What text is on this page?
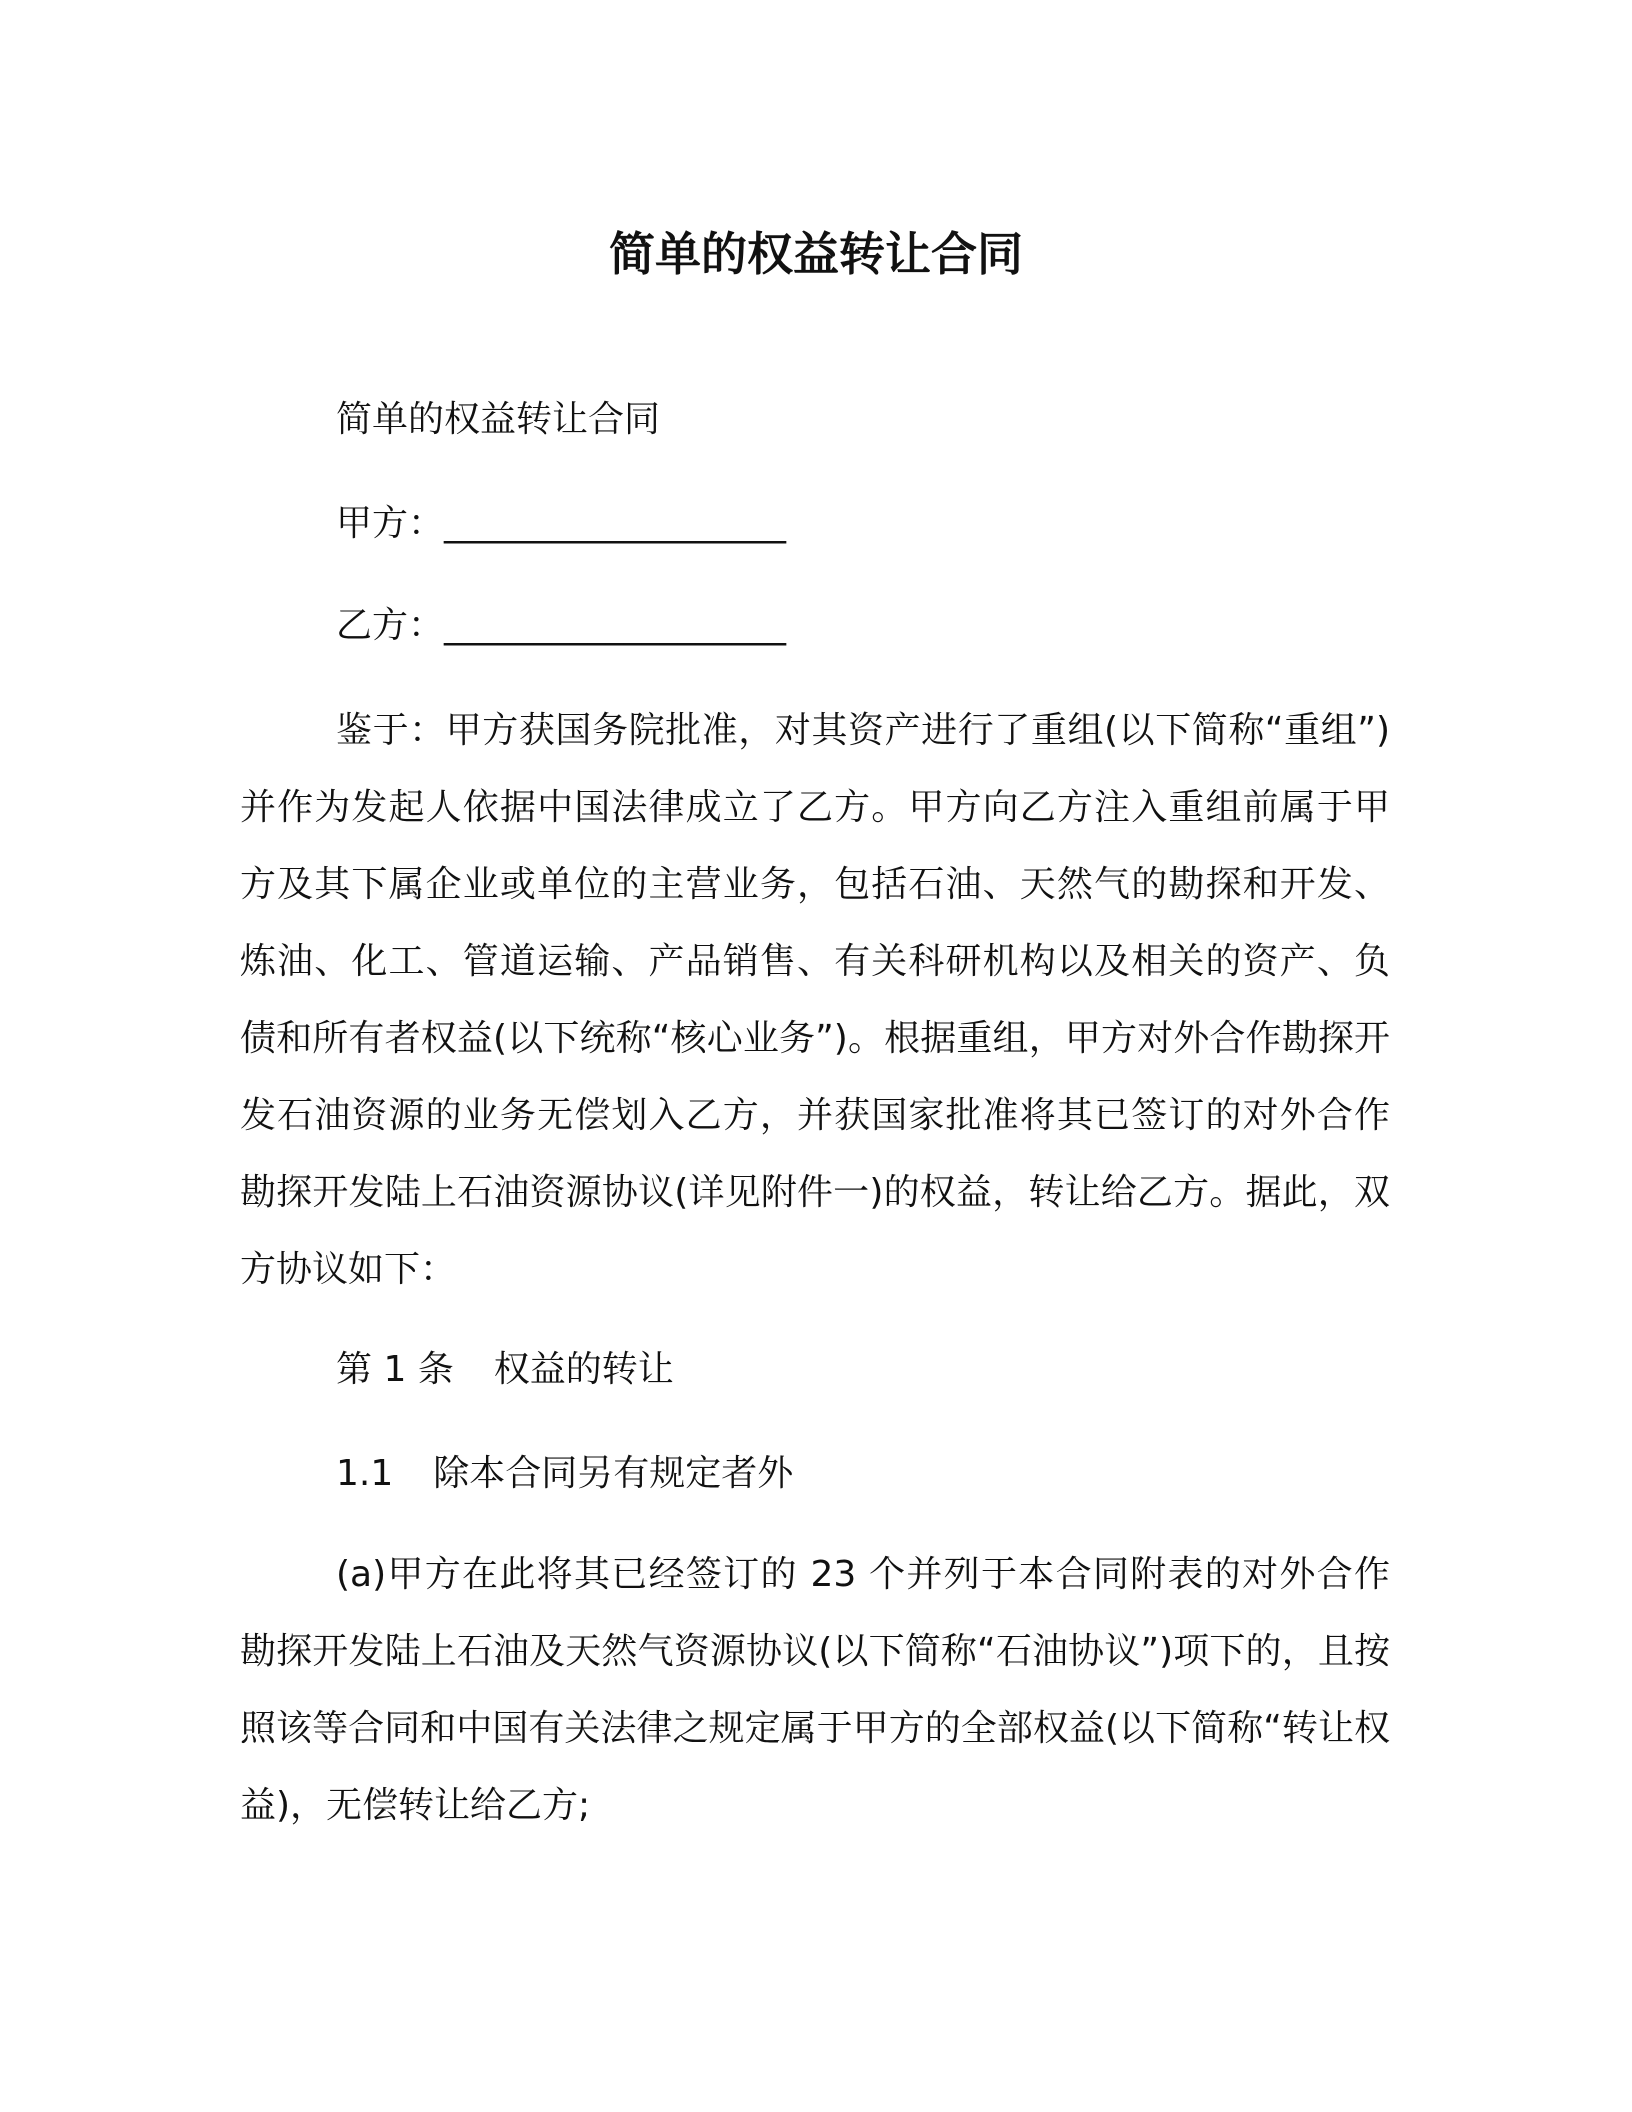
简单的权益转让合同
简单的权益转让合同
甲方：___________________
乙方：___________________
鉴于：甲方获国务院批准，对其资产进行了重组(以下简称“重组”)并作为发起人依据中国法律成立了乙方。甲方向乙方注入重组前属于甲方及其下属企业或单位的主营业务，包括石油、天然气的勘探和开发、炼油、化工、管道运输、产品销售、有关科研机构以及相关的资产、负债和所有者权益(以下统称“核心业务”)。根据重组，甲方对外合作勘探开发石油资源的业务无偿划入乙方，并获国家批准将其已签订的对外合作勘探开发陆上石油资源协议(详见附件一)的权益，转让给乙方。据此，双方协议如下：
第 1 条 权益的转让
1.1 除本合同另有规定者外
(a)甲方在此将其已经签订的 23 个并列于本合同附表的对外合作勘探开发陆上石油及天然气资源协议(以下简称“石油协议”)项下的，且按照该等合同和中国有关法律之规定属于甲方的全部权益(以下简称“转让权益)，无偿转让给乙方;
